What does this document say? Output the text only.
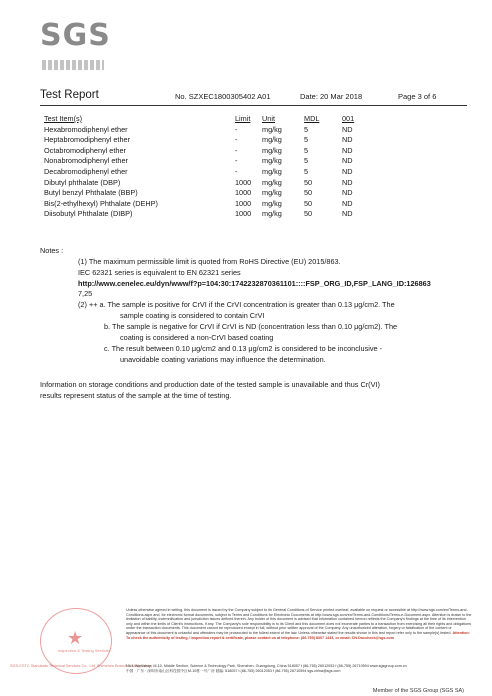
SGS
Test Report	No. SZXEC1800305402 A01	Date: 20 Mar 2018	Page 3 of 6
Test Item(s)	Limit Unit	MDL	001
Hexabromodiphenyl ether	-	mg/kg	5	ND
Heptabromodiphenyl ether	-	mg/kg	5	ND
Octabromodiphenyl ether	-	mg/kg	5	ND
Nonabromodiphenyl ether	-	mg/kg	5	ND
Decabromodiphenyl ether	-	mg/kg	5	ND
Dibutyl phthalate (DBP)	1000 mg/kg	50	ND
Butyl benzyl Phthalate (BBP)	1000 mg/kg	50	ND
Bis(2-ethylhexyl) Phthalate (DEHP)	1000 mg/kg	50	ND
Diisobutyl Phthalate (DIBP)	1000 mg/kg	50	ND
Notes :
(1) The maximum permissible limit is quoted from RoHS Directive (EU) 2015/863.
IEC 62321 series is equivalent to EN 62321 series
http://www.cenelec.eu/dyn/www/f?p=104:30:1742232870361101::::FSP_ORG_ID,FSP_LANG_ID:126863
7,25
(2) ++ a. The sample is positive for CrVI if the CrVI concentration is greater than 0.13 μg/cm2. The
sample coating is considered to contain CrVI
b. The sample is negative for CrVI if CrVI is ND (concentration less than 0.10 μg/cm2). The
coating is considered a non-CrVI based coating
c. The result between 0.10 μg/cm2 and 0.13 μg/cm2 is considered to be inconclusive -
unavoidable coating variations may influence the determination.
Information on storage conditions and production date of the tested sample is unavailable and thus Cr(VI)
results represent status of the sample at the time of testing.
★
Inspection & Testing Services
SGS-CSTC Standards Technical Services Co., Ltd. Shenzhen Branch Testing Center
Unless otherwise agreed in writing, this document is issued by the Company subject to its General Conditions of Service printed overleaf, available on request or accessible at http://www.sgs.com/en/Terms-and-Conditions.aspx and, for electronic format documents, subject to Terms and Conditions for Electronic Documents at http://www.sgs.com/en/Terms-and-Conditions/Terms-e-Document.aspx. Attention is drawn to the limitation of liability, indemnification and jurisdiction issues defined therein. Any holder of this document is advised that information contained hereon reflects the Company's findings at the time of its intervention only and within the limits of Client's instructions, if any. The Company's sole responsibility is to its Client and this document does not exonerate parties to a transaction from exercising all their rights and obligations under the transaction documents. This document cannot be reproduced except in full, without prior written approval of the Company. Any unauthorized alteration, forgery or falsification of the content or appearance of this document is unlawful and offenders may be prosecuted to the fullest extent of the law. Unless otherwise stated the results shown in this test report refer only to the sample(s) tested. Attention: To check the authenticity of testing / inspection report & certificate, please contact us at telephone: (86-755) 8307 1443, or email: CN.Doccheck@sgs.com
No.1 Workshop, M-10, Middle Section, Science & Technology Park, Shenzhen, Guangdong, China 518057 t (86-755) 26012053 f (86-755) 26710594 www.sgsgroup.com.cn
中国 · 广东 · 深圳市南山区科技园中区M-10栋一号厂房 邮编: 518057 t (86-755) 26012053 f (86-755) 26710594 sgs.china@sgs.com
Member of the SGS Group (SGS SA)
